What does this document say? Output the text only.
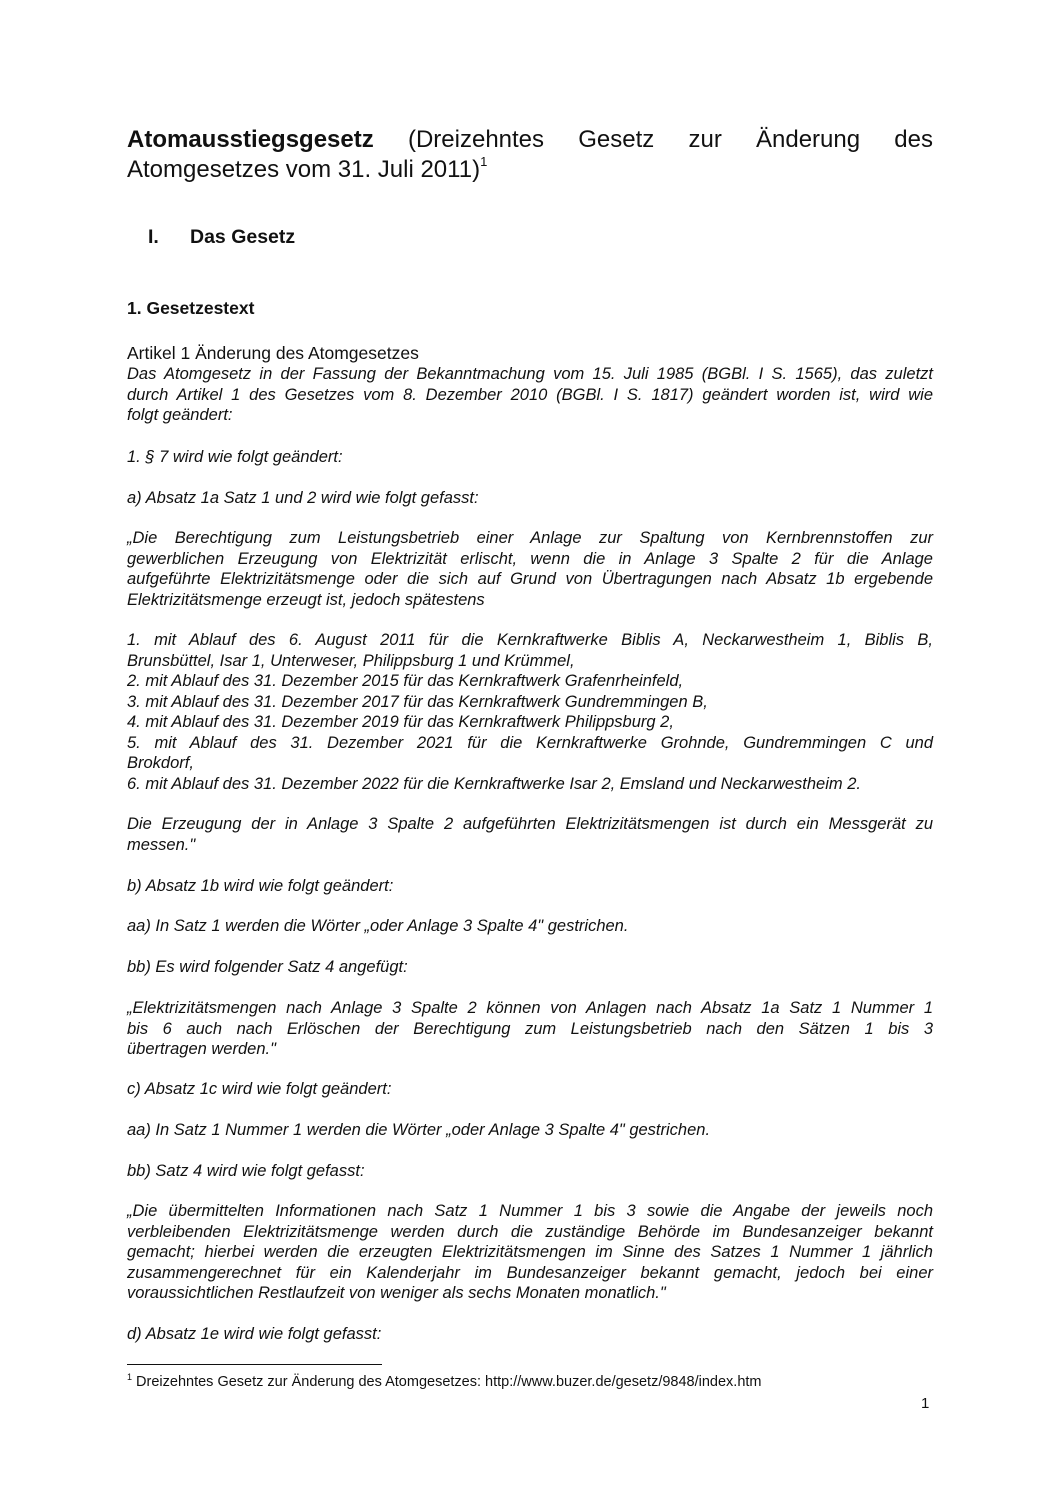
Atomausstiegsgesetz (Dreizehntes Gesetz zur Änderung des
Atomgesetzes vom 31. Juli 2011)$^1$
I. Das Gesetz
1. Gesetzestext
Artikel 1 Änderung des Atomgesetzes
Das Atomgesetz in der Fassung der Bekanntmachung vom 15. Juli 1985 (BGBl. I S. 1565), das zuletzt
durch Artikel 1 des Gesetzes vom 8. Dezember 2010 (BGBl. I S. 1817) geändert worden ist, wird wie
folgt geändert:
1. § 7 wird wie folgt geändert:
a) Absatz 1a Satz 1 und 2 wird wie folgt gefasst:
„Die Berechtigung zum Leistungsbetrieb einer Anlage zur Spaltung von Kernbrennstoffen zur
gewerblichen Erzeugung von Elektrizität erlischt, wenn die in Anlage 3 Spalte 2 für die Anlage
aufgeführte Elektrizitätsmenge oder die sich auf Grund von Übertragungen nach Absatz 1b ergebende
Elektrizitätsmenge erzeugt ist, jedoch spätestens
1. mit Ablauf des 6. August 2011 für die Kernkraftwerke Biblis A, Neckarwestheim 1, Biblis B,
Brunsbüttel, Isar 1, Unterweser, Philippsburg 1 und Krümmel,
2. mit Ablauf des 31. Dezember 2015 für das Kernkraftwerk Grafenrheinfeld,
3. mit Ablauf des 31. Dezember 2017 für das Kernkraftwerk Gundremmingen B,
4. mit Ablauf des 31. Dezember 2019 für das Kernkraftwerk Philippsburg 2,
5. mit Ablauf des 31. Dezember 2021 für die Kernkraftwerke Grohnde, Gundremmingen C und
Brokdorf,
6. mit Ablauf des 31. Dezember 2022 für die Kernkraftwerke Isar 2, Emsland und Neckarwestheim 2.
Die Erzeugung der in Anlage 3 Spalte 2 aufgeführten Elektrizitätsmengen ist durch ein Messgerät zu
messen."
b) Absatz 1b wird wie folgt geändert:
aa) In Satz 1 werden die Wörter „oder Anlage 3 Spalte 4" gestrichen.
bb) Es wird folgender Satz 4 angefügt:
„Elektrizitätsmengen nach Anlage 3 Spalte 2 können von Anlagen nach Absatz 1a Satz 1 Nummer 1
bis 6 auch nach Erlöschen der Berechtigung zum Leistungsbetrieb nach den Sätzen 1 bis 3
übertragen werden."
c) Absatz 1c wird wie folgt geändert:
aa) In Satz 1 Nummer 1 werden die Wörter „oder Anlage 3 Spalte 4" gestrichen.
bb) Satz 4 wird wie folgt gefasst:
„Die übermittelten Informationen nach Satz 1 Nummer 1 bis 3 sowie die Angabe der jeweils noch
verbleibenden Elektrizitätsmenge werden durch die zuständige Behörde im Bundesanzeiger bekannt
gemacht; hierbei werden die erzeugten Elektrizitätsmengen im Sinne des Satzes 1 Nummer 1 jährlich
zusammengerechnet für ein Kalenderjahr im Bundesanzeiger bekannt gemacht, jedoch bei einer
voraussichtlichen Restlaufzeit von weniger als sechs Monaten monatlich."
d) Absatz 1e wird wie folgt gefasst:
$^1$ Dreizehntes Gesetz zur Änderung des Atomgesetzes: http://www.buzer.de/gesetz/9848/index.htm
1
